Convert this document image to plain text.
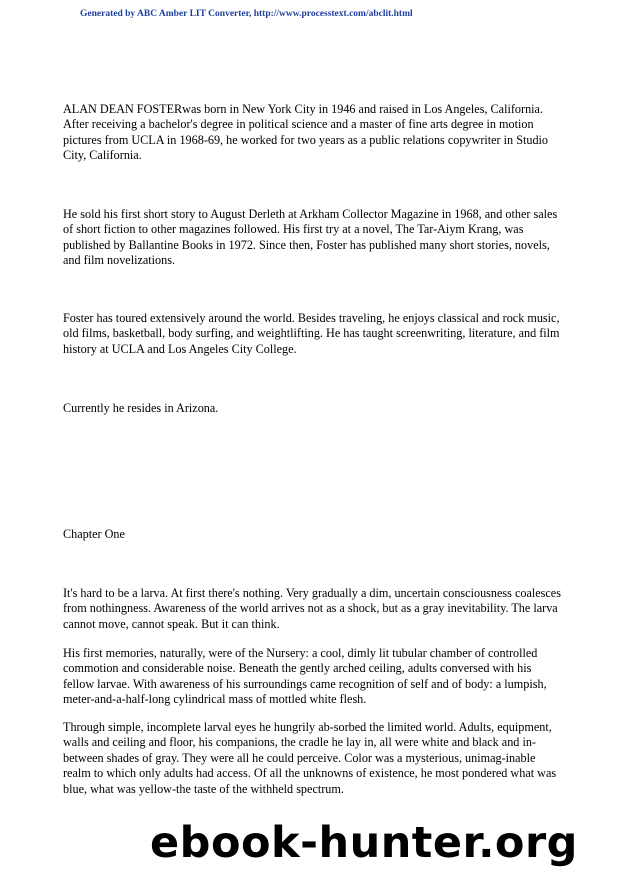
Generated by ABC Amber LIT Converter, http://www.processtext.com/abclit.html

ALAN DEAN FOSTERwas born in New York City in 1946 and raised in Los Angeles, California. After receiving a bachelor's degree in political science and a master of fine arts degree in motion pictures from UCLA in 1968-69, he worked for two years as a public relations copywriter in Studio City, California.

He sold his first short story to August Derleth at Arkham Collector Magazine in 1968, and other sales of short fiction to other magazines followed. His first try at a novel, The Tar-Aiym Krang, was published by Ballantine Books in 1972. Since then, Foster has published many short stories, novels, and film novelizations.

Foster has toured extensively around the world. Besides traveling, he enjoys classical and rock music, old films, basketball, body surfing, and weightlifting. He has taught screenwriting, literature, and film history at UCLA and Los Angeles City College.

Currently he resides in Arizona.

Chapter One

It's hard to be a larva. At first there's nothing. Very gradually a dim, uncertain consciousness coalesces from nothingness. Awareness of the world arrives not as a shock, but as a gray inevitability. The larva cannot move, cannot speak. But it can think.

His first memories, naturally, were of the Nursery: a cool, dimly lit tubular chamber of controlled commotion and considerable noise. Beneath the gently arched ceiling, adults conversed with his fellow larvae. With awareness of his surroundings came recognition of self and of body: a lumpish, meter-and-a-half-long cylindrical mass of mottled white flesh.

Through simple, incomplete larval eyes he hungrily ab-sorbed the limited world. Adults, equipment, walls and ceiling and floor, his companions, the cradle he lay in, all were white and black and in-between shades of gray. They were all he could perceive. Color was a mysterious, unimag-inable realm to which only adults had access. Of all the unknowns of existence, he most pondered what was blue, what was yellow-the taste of the withheld spectrum.

ebook-hunter.org
